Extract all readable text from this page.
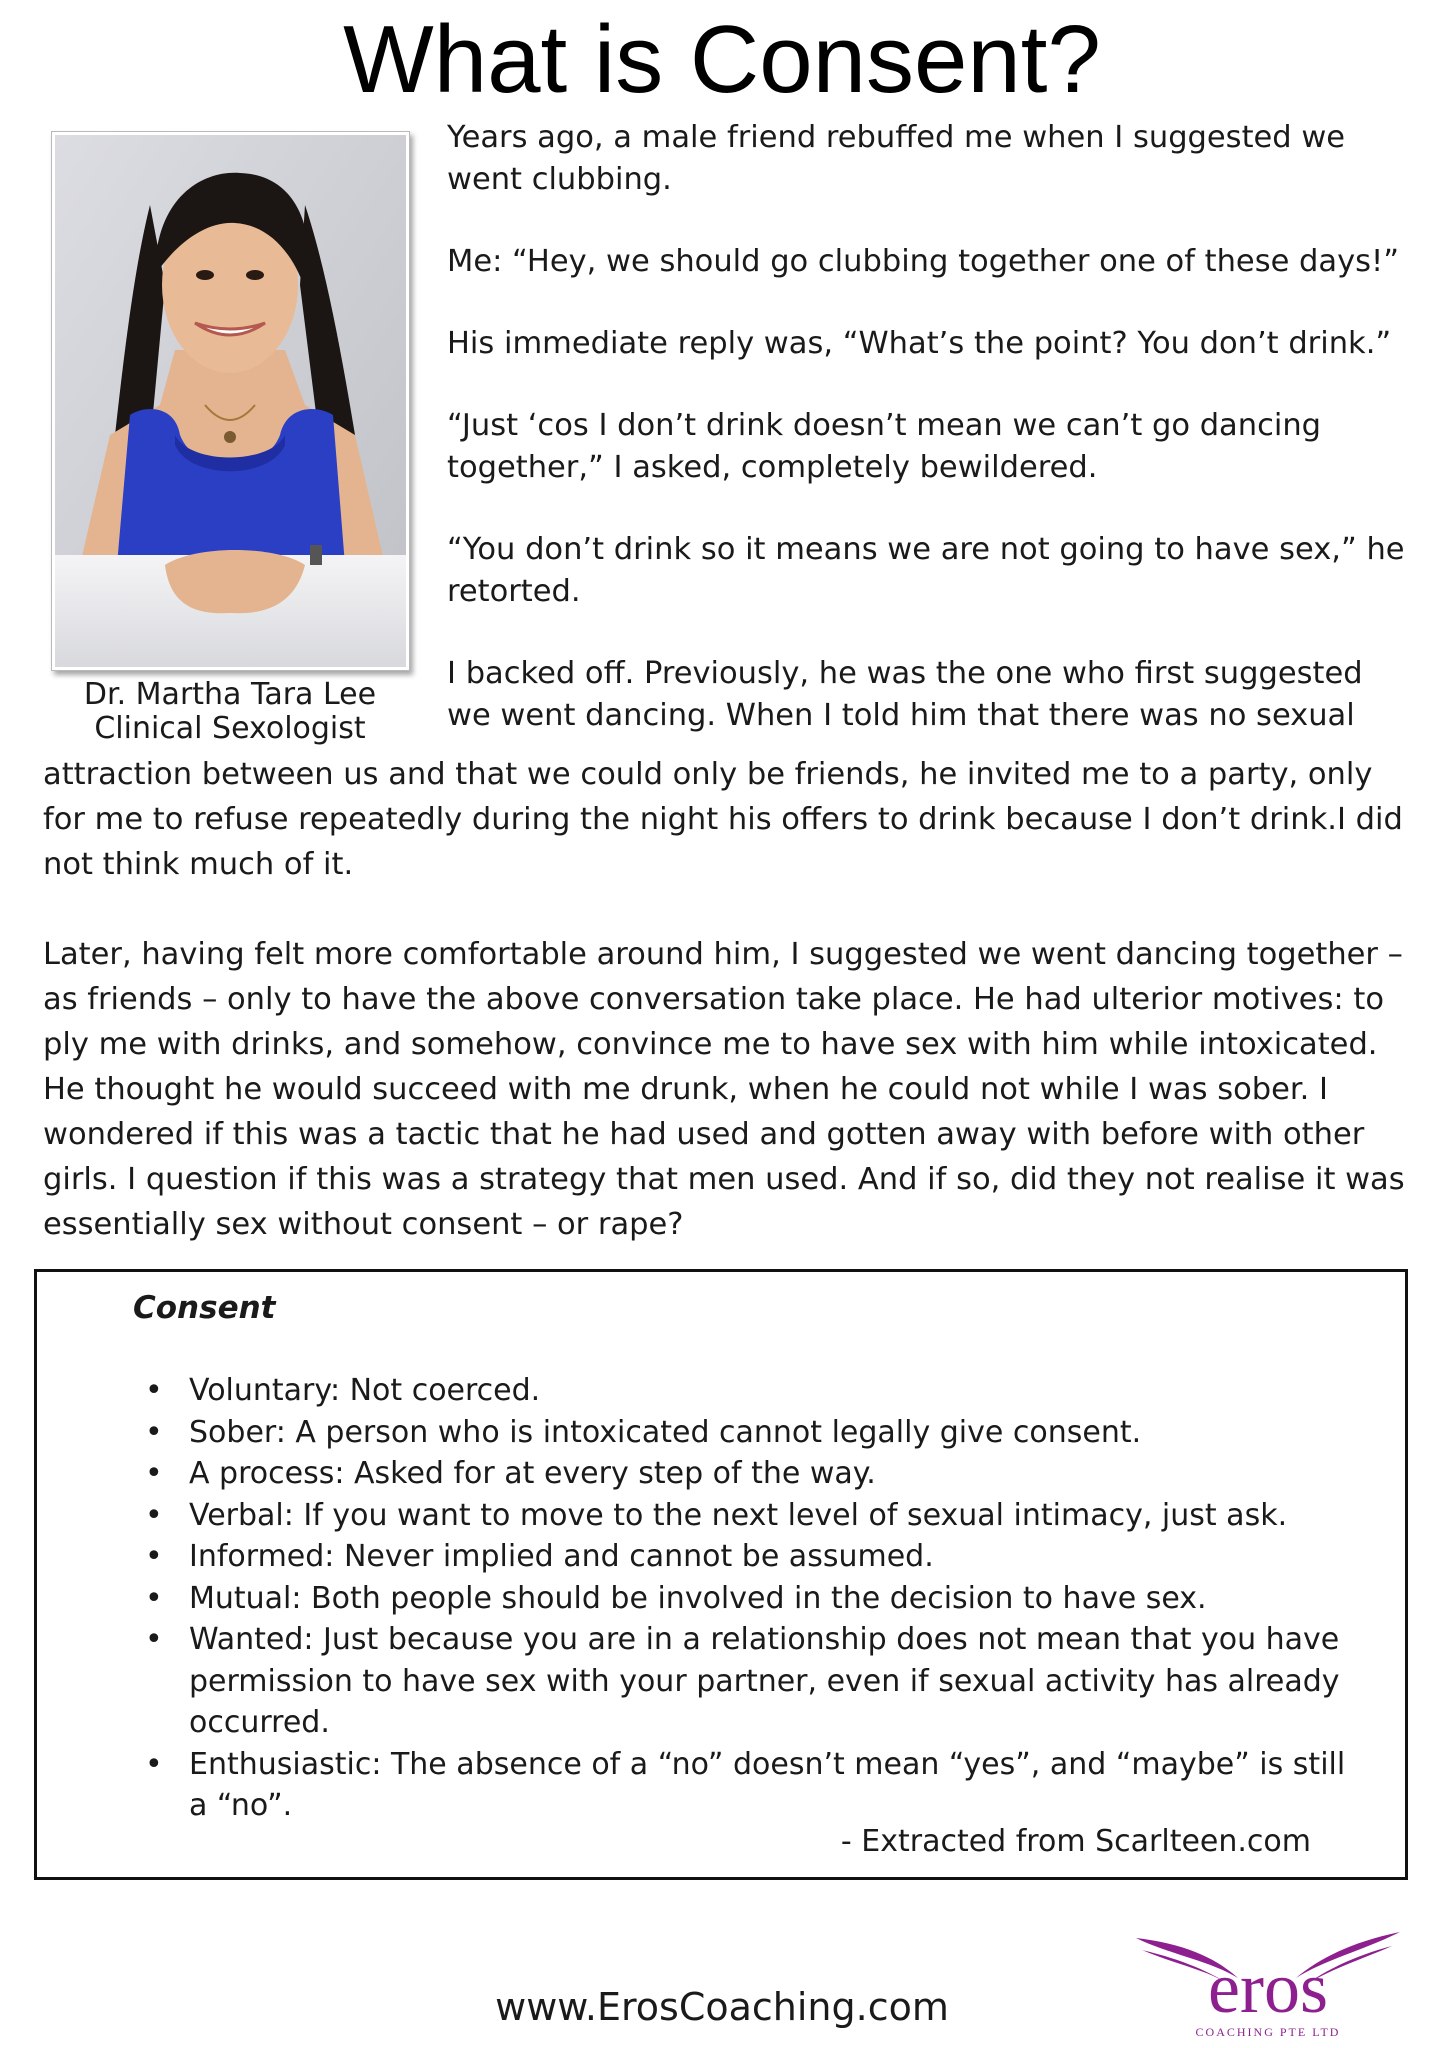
What is Consent?
Dr. Martha Tara Lee
Clinical Sexologist

Years ago, a male friend rebuffed me when I suggested we
went clubbing.

Me: “Hey, we should go clubbing together one of these days!”

His immediate reply was, “What’s the point? You don’t drink.”

“Just ‘cos I don’t drink doesn’t mean we can’t go dancing
together,” I asked, completely bewildered.

“You don’t drink so it means we are not going to have sex,” he
retorted.

I backed off. Previously, he was the one who first suggested
we went dancing. When I told him that there was no sexual

attraction between us and that we could only be friends, he invited me to a party, only for me to refuse repeatedly during the night his offers to drink because I don’t drink.I did not think much of it.

Later, having felt more comfortable around him, I suggested we went dancing together – as friends – only to have the above conversation take place. He had ulterior motives: to ply me with drinks, and somehow, convince me to have sex with him while intoxicated. He thought he would succeed with me drunk, when he could not while I was sober. I wondered if this was a tactic that he had used and gotten away with before with other girls. I question if this was a strategy that men used. And if so, did they not realise it was essentially sex without consent – or rape?

Consent
• Voluntary: Not coerced.
• Sober: A person who is intoxicated cannot legally give consent.
• A process: Asked for at every step of the way.
• Verbal: If you want to move to the next level of sexual intimacy, just ask.
• Informed: Never implied and cannot be assumed.
• Mutual: Both people should be involved in the decision to have sex.
• Wanted: Just because you are in a relationship does not mean that you have permission to have sex with your partner, even if sexual activity has already occurred.
• Enthusiastic: The absence of a “no” doesn’t mean “yes”, and “maybe” is still a “no”.
- Extracted from Scarlteen.com
www.ErosCoaching.com	eros
COACHING PTE LTD
